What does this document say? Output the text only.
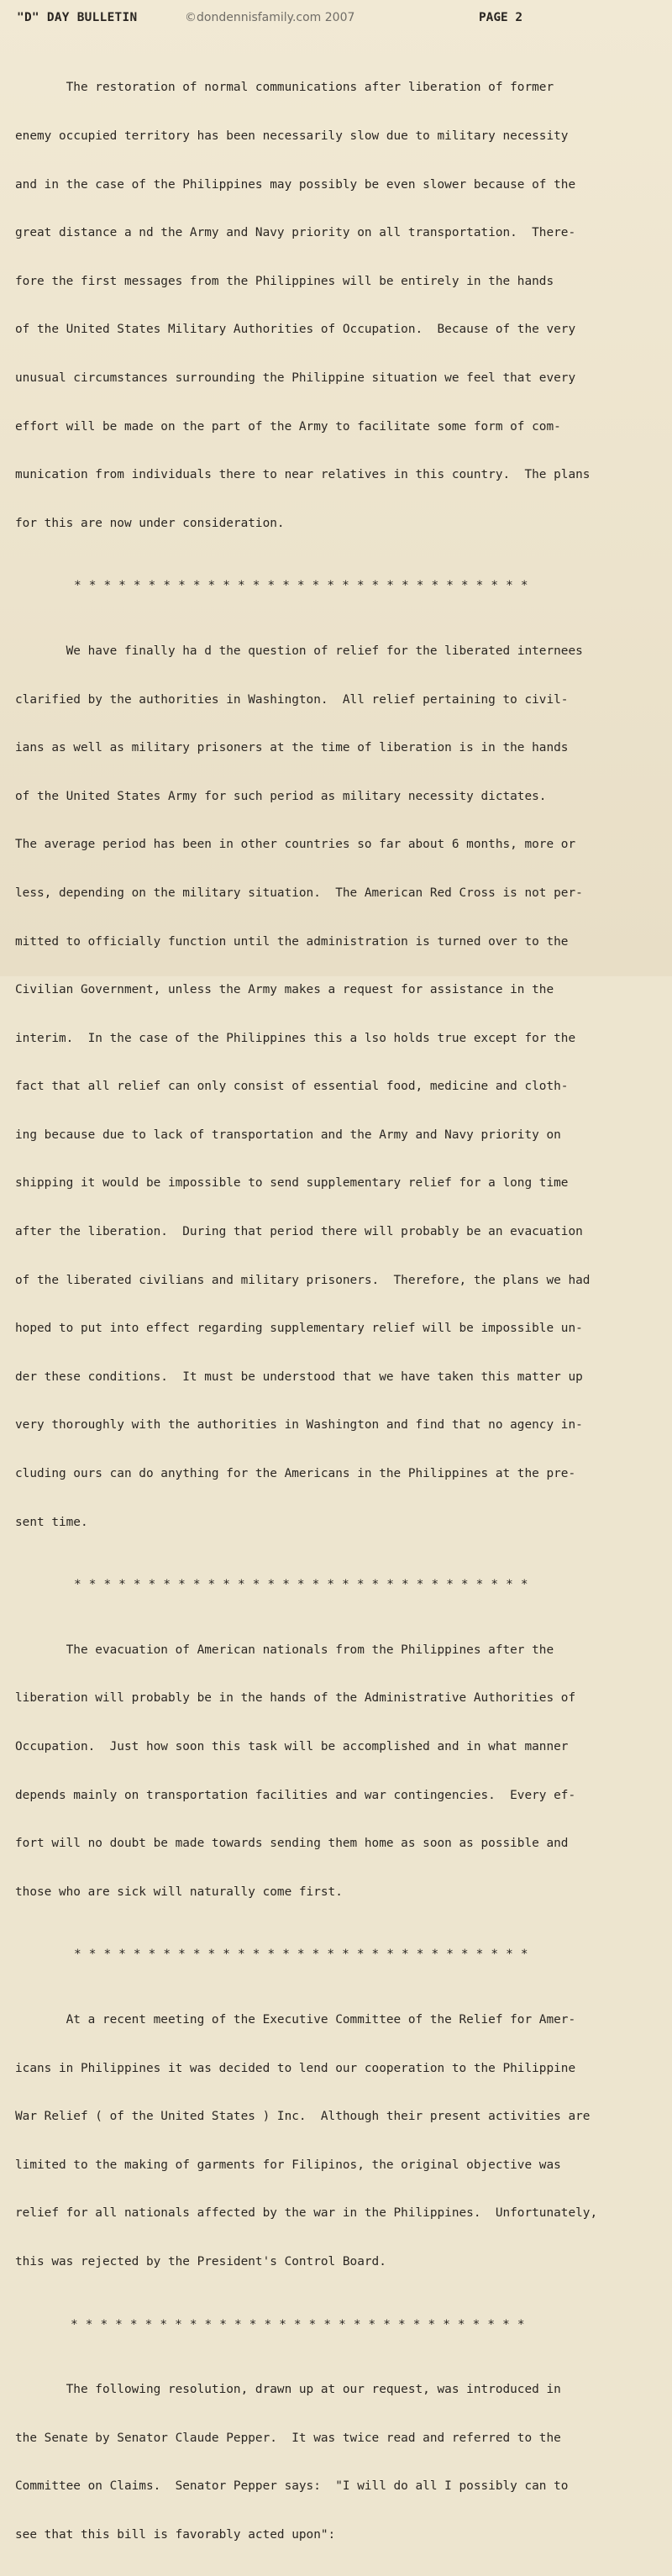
"D" DAY BULLETIN	©dondennisfamily.com 2007	PAGE 2

The restoration of normal communications after liberation of former

enemy occupied territory has been necessarily slow due to military necessity

and in the case of the Philippines may possibly be even slower because of the

great distance a nd the Army and Navy priority on all transportation.  There-

fore the first messages from the Philippines will be entirely in the hands

of the United States Military Authorities of Occupation.  Because of the very

unusual circumstances surrounding the Philippine situation we feel that every

effort will be made on the part of the Army to facilitate some form of com-

munication from individuals there to near relatives in this country.  The plans

for this are now under consideration.

* * * * * * * * * * * * * * * * * * * * * * * * * * * * * * *

We have finally ha d the question of relief for the liberated internees

clarified by the authorities in Washington.  All relief pertaining to civil-

ians as well as military prisoners at the time of liberation is in the hands

of the United States Army for such period as military necessity dictates.

The average period has been in other countries so far about 6 months, more or

less, depending on the military situation.  The American Red Cross is not per-

mitted to officially function until the administration is turned over to the

Civilian Government, unless the Army makes a request for assistance in the

interim.  In the case of the Philippines this a lso holds true except for the

fact that all relief can only consist of essential food, medicine and cloth-

ing because due to lack of transportation and the Army and Navy priority on

shipping it would be impossible to send supplementary relief for a long time

after the liberation.  During that period there will probably be an evacuation

of the liberated civilians and military prisoners.  Therefore, the plans we had

hoped to put into effect regarding supplementary relief will be impossible un-

der these conditions.  It must be understood that we have taken this matter up

very thoroughly with the authorities in Washington and find that no agency in-

cluding ours can do anything for the Americans in the Philippines at the pre-

sent time.

* * * * * * * * * * * * * * * * * * * * * * * * * * * * * * *

The evacuation of American nationals from the Philippines after the

liberation will probably be in the hands of the Administrative Authorities of

Occupation.  Just how soon this task will be accomplished and in what manner

depends mainly on transportation facilities and war contingencies.  Every ef-

fort will no doubt be made towards sending them home as soon as possible and

those who are sick will naturally come first.

* * * * * * * * * * * * * * * * * * * * * * * * * * * * * * *

At a recent meeting of the Executive Committee of the Relief for Amer-

icans in Philippines it was decided to lend our cooperation to the Philippine

War Relief ( of the United States ) Inc.  Although their present activities are

limited to the making of garments for Filipinos, the original objective was

relief for all nationals affected by the war in the Philippines.  Unfortunately,

this was rejected by the President's Control Board.

* * * * * * * * * * * * * * * * * * * * * * * * * * * * * * *

The following resolution, drawn up at our request, was introduced in

the Senate by Senator Claude Pepper.  It was twice read and referred to the

Committee on Claims.  Senator Pepper says:  "I will do all I possibly can to

see that this bill is favorably acted upon":
